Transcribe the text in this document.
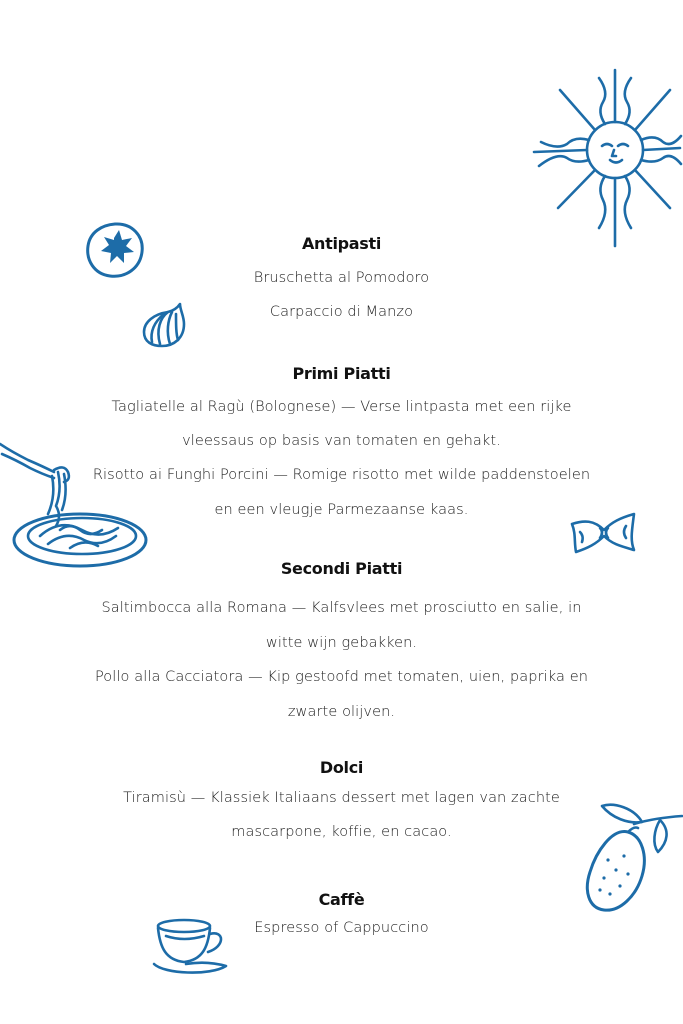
Antipasti
Bruschetta al Pomodoro
Carpaccio di Manzo
Primi Piatti
Tagliatelle al Ragù (Bolognese) — Verse lintpasta met een rijke
vleessaus op basis van tomaten en gehakt.
Risotto ai Funghi Porcini — Romige risotto met wilde paddenstoelen
en een vleugje Parmezaanse kaas.
Secondi Piatti
Saltimbocca alla Romana — Kalfsvlees met prosciutto en salie, in
witte wijn gebakken.
Pollo alla Cacciatora — Kip gestoofd met tomaten, uien, paprika en
zwarte olijven.
Dolci
Tiramisù — Klassiek Italiaans dessert met lagen van zachte
mascarpone, koffie, en cacao.
Caffè
Espresso of Cappuccino
